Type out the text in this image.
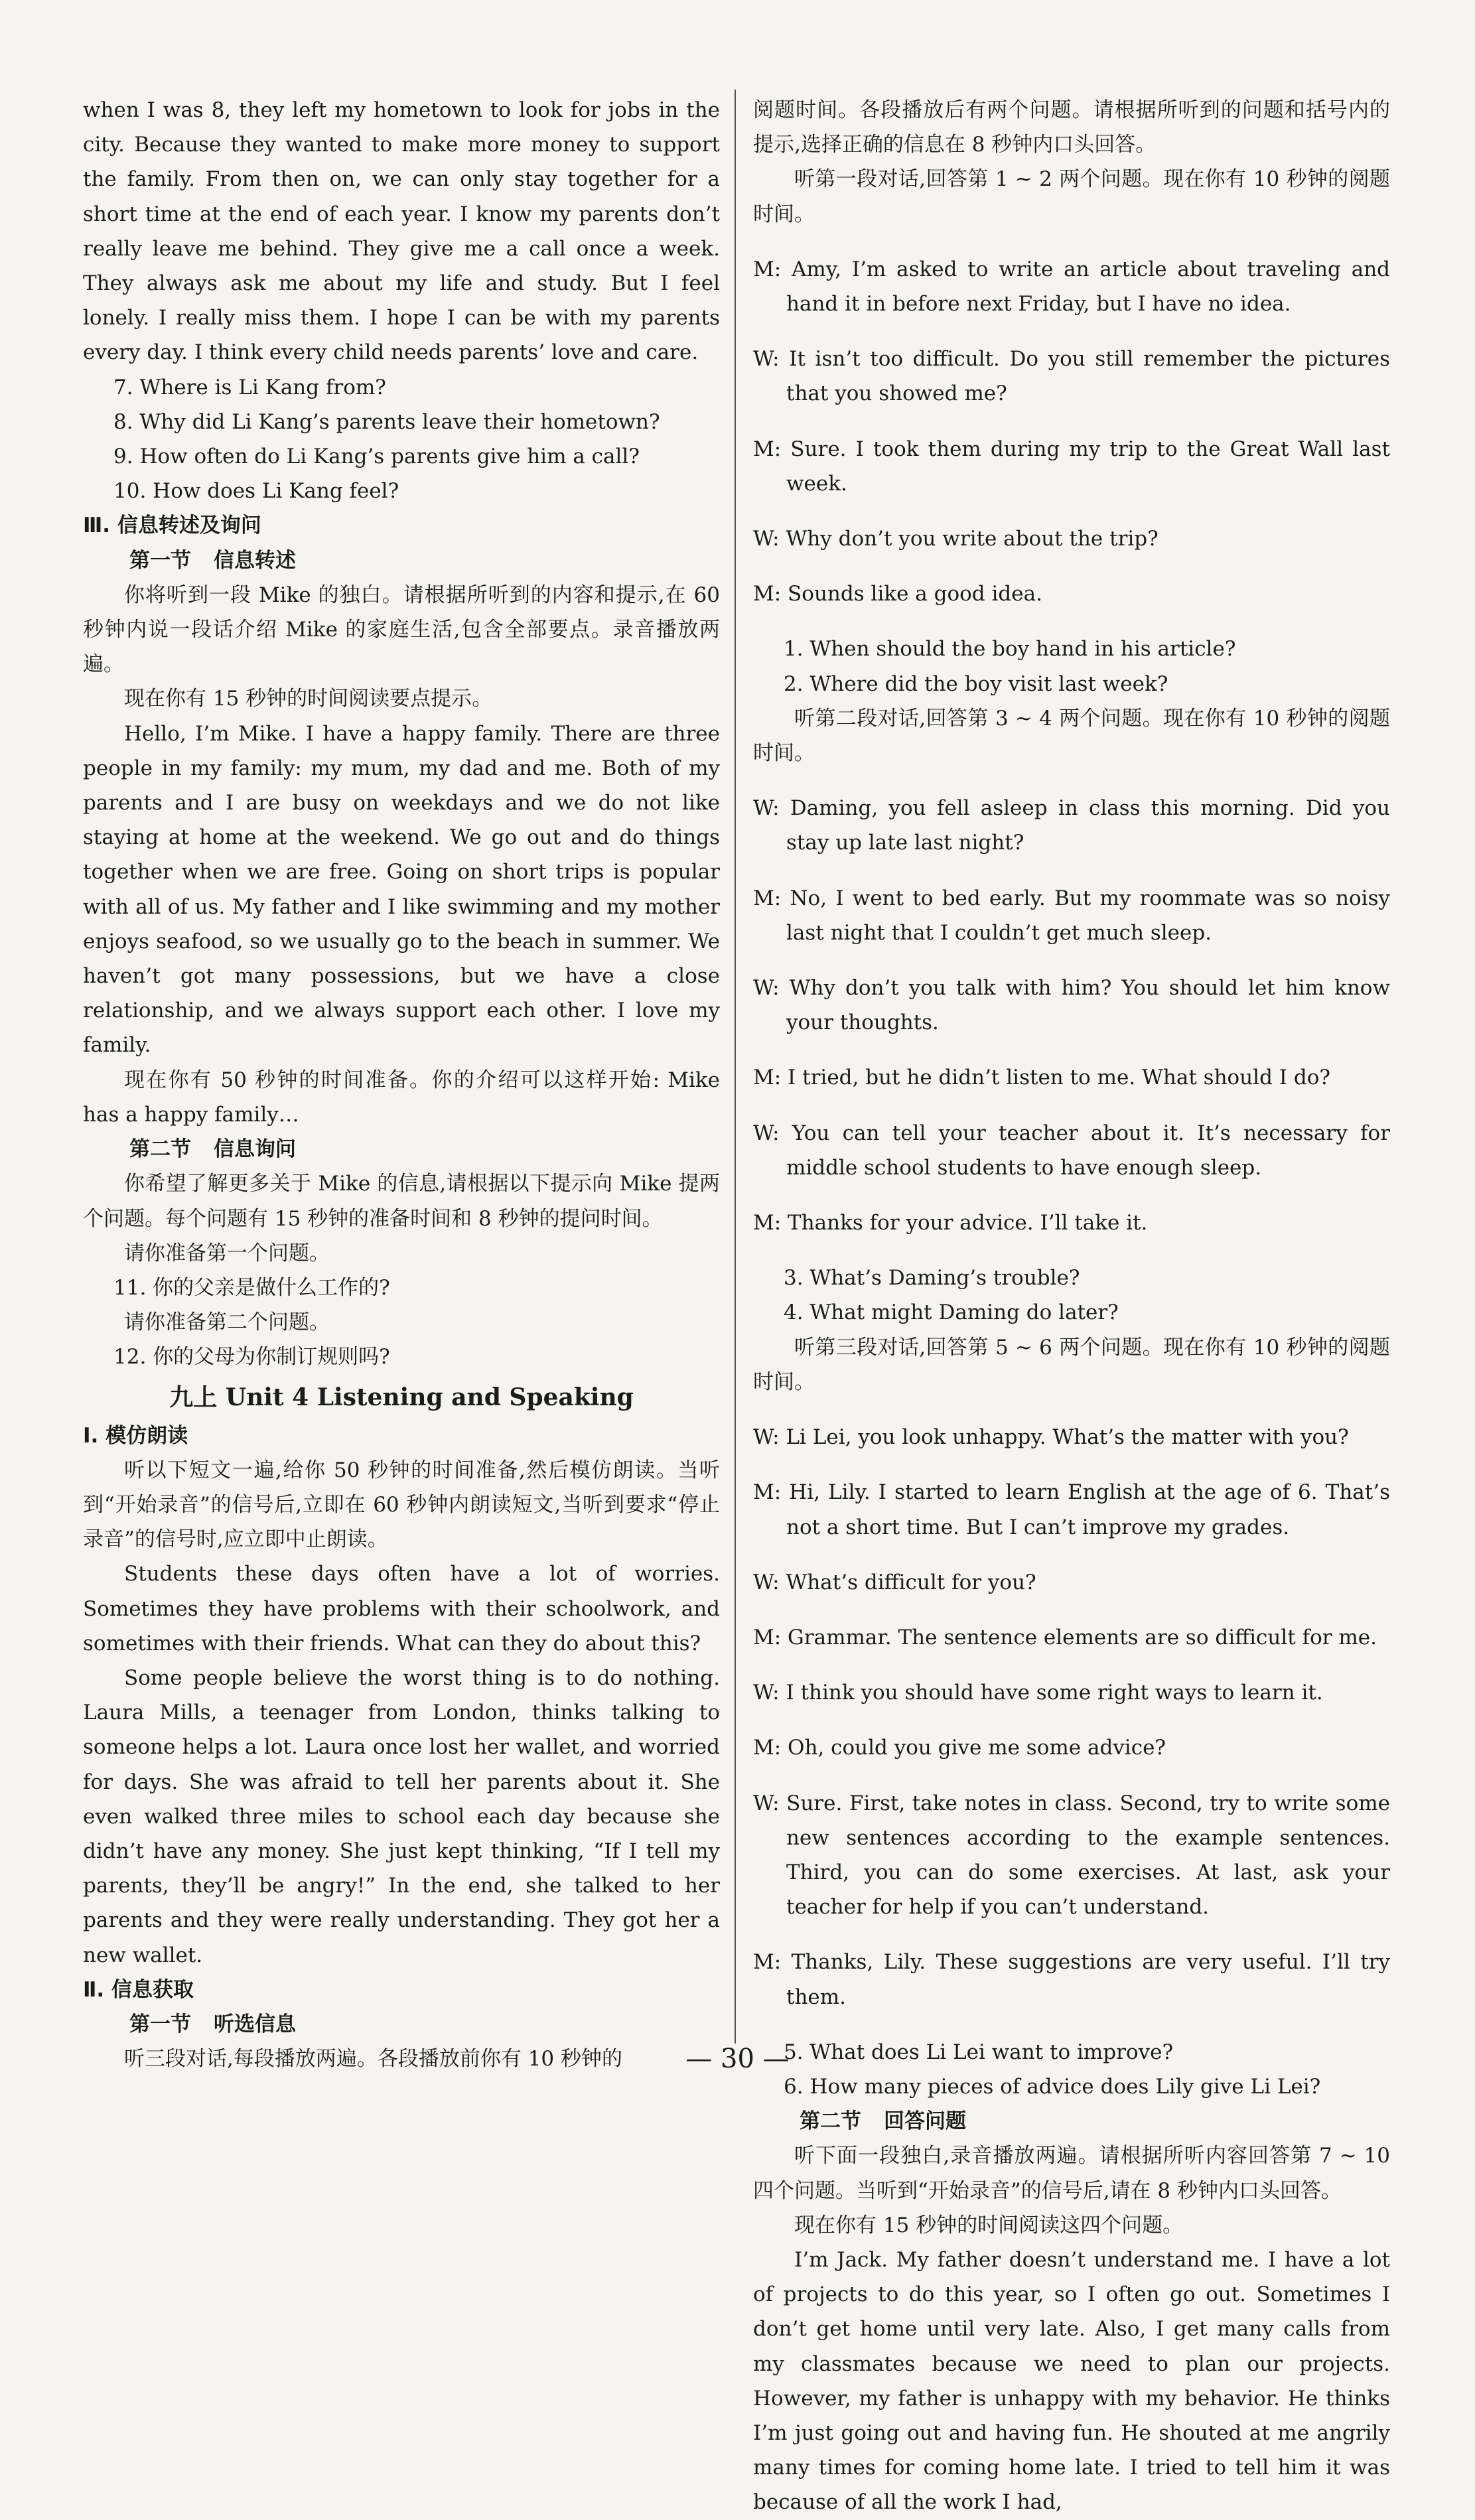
when I was 8, they left my hometown to look for jobs in the city. Because they wanted to make more money to support the family. From then on, we can only stay together for a short time at the end of each year. I know my parents don’t really leave me behind. They give me a call once a week. They always ask me about my life and study. But I feel lonely. I really miss them. I hope I can be with my parents every day. I think every child needs parents’ love and care.

7. Where is Li Kang from?

8. Why did Li Kang’s parents leave their hometown?

9. How often do Li Kang’s parents give him a call?

10. How does Li Kang feel?

Ⅲ. 信息转述及询问

第一节 信息转述

你将听到一段 Mike 的独白。请根据所听到的内容和提示,在 60 秒钟内说一段话介绍 Mike 的家庭生活,包含全部要点。录音播放两遍。

现在你有 15 秒钟的时间阅读要点提示。

Hello, I’m Mike. I have a happy family. There are three people in my family: my mum, my dad and me. Both of my parents and I are busy on weekdays and we do not like staying at home at the weekend. We go out and do things together when we are free. Going on short trips is popular with all of us. My father and I like swimming and my mother enjoys seafood, so we usually go to the beach in summer. We haven’t got many possessions, but we have a close relationship, and we always support each other. I love my family.

现在你有 50 秒钟的时间准备。你的介绍可以这样开始: Mike has a happy family…

第二节 信息询问

你希望了解更多关于 Mike 的信息,请根据以下提示向 Mike 提两个问题。每个问题有 15 秒钟的准备时间和 8 秒钟的提问时间。

请你准备第一个问题。

11. 你的父亲是做什么工作的?

请你准备第二个问题。

12. 你的父母为你制订规则吗?

九上 Unit 4 Listening and Speaking

Ⅰ. 模仿朗读

听以下短文一遍,给你 50 秒钟的时间准备,然后模仿朗读。当听到“开始录音”的信号后,立即在 60 秒钟内朗读短文,当听到要求“停止录音”的信号时,应立即中止朗读。

Students these days often have a lot of worries. Sometimes they have problems with their schoolwork, and sometimes with their friends. What can they do about this?

Some people believe the worst thing is to do nothing. Laura Mills, a teenager from London, thinks talking to someone helps a lot. Laura once lost her wallet, and worried for days. She was afraid to tell her parents about it. She even walked three miles to school each day because she didn’t have any money. She just kept thinking, “If I tell my parents, they’ll be angry!” In the end, she talked to her parents and they were really understanding. They got her a new wallet.

Ⅱ. 信息获取

第一节 听选信息

听三段对话,每段播放两遍。各段播放前你有 10 秒钟的

阅题时间。各段播放后有两个问题。请根据所听到的问题和括号内的提示,选择正确的信息在 8 秒钟内口头回答。

听第一段对话,回答第 1 ~ 2 两个问题。现在你有 10 秒钟的阅题时间。

M: Amy, I’m asked to write an article about traveling and hand it in before next Friday, but I have no idea.

W: It isn’t too difficult. Do you still remember the pictures that you showed me?

M: Sure. I took them during my trip to the Great Wall last week.

W: Why don’t you write about the trip?

M: Sounds like a good idea.

1. When should the boy hand in his article?

2. Where did the boy visit last week?

听第二段对话,回答第 3 ~ 4 两个问题。现在你有 10 秒钟的阅题时间。

W: Daming, you fell asleep in class this morning. Did you stay up late last night?

M: No, I went to bed early. But my roommate was so noisy last night that I couldn’t get much sleep.

W: Why don’t you talk with him? You should let him know your thoughts.

M: I tried, but he didn’t listen to me. What should I do?

W: You can tell your teacher about it. It’s necessary for middle school students to have enough sleep.

M: Thanks for your advice. I’ll take it.

3. What’s Daming’s trouble?

4. What might Daming do later?

听第三段对话,回答第 5 ~ 6 两个问题。现在你有 10 秒钟的阅题时间。

W: Li Lei, you look unhappy. What’s the matter with you?

M: Hi, Lily. I started to learn English at the age of 6. That’s not a short time. But I can’t improve my grades.

W: What’s difficult for you?

M: Grammar. The sentence elements are so difficult for me.

W: I think you should have some right ways to learn it.

M: Oh, could you give me some advice?

W: Sure. First, take notes in class. Second, try to write some new sentences according to the example sentences. Third, you can do some exercises. At last, ask your teacher for help if you can’t understand.

M: Thanks, Lily. These suggestions are very useful. I’ll try them.

5. What does Li Lei want to improve?

6. How many pieces of advice does Lily give Li Lei?

第二节 回答问题

听下面一段独白,录音播放两遍。请根据所听内容回答第 7 ~ 10 四个问题。当听到“开始录音”的信号后,请在 8 秒钟内口头回答。

现在你有 15 秒钟的时间阅读这四个问题。

I’m Jack. My father doesn’t understand me. I have a lot of projects to do this year, so I often go out. Sometimes I don’t get home until very late. Also, I get many calls from my classmates because we need to plan our projects. However, my father is unhappy with my behavior. He thinks I’m just going out and having fun. He shouted at me angrily many times for coming home late. I tried to tell him it was because of all the work I had,

— 30 —
